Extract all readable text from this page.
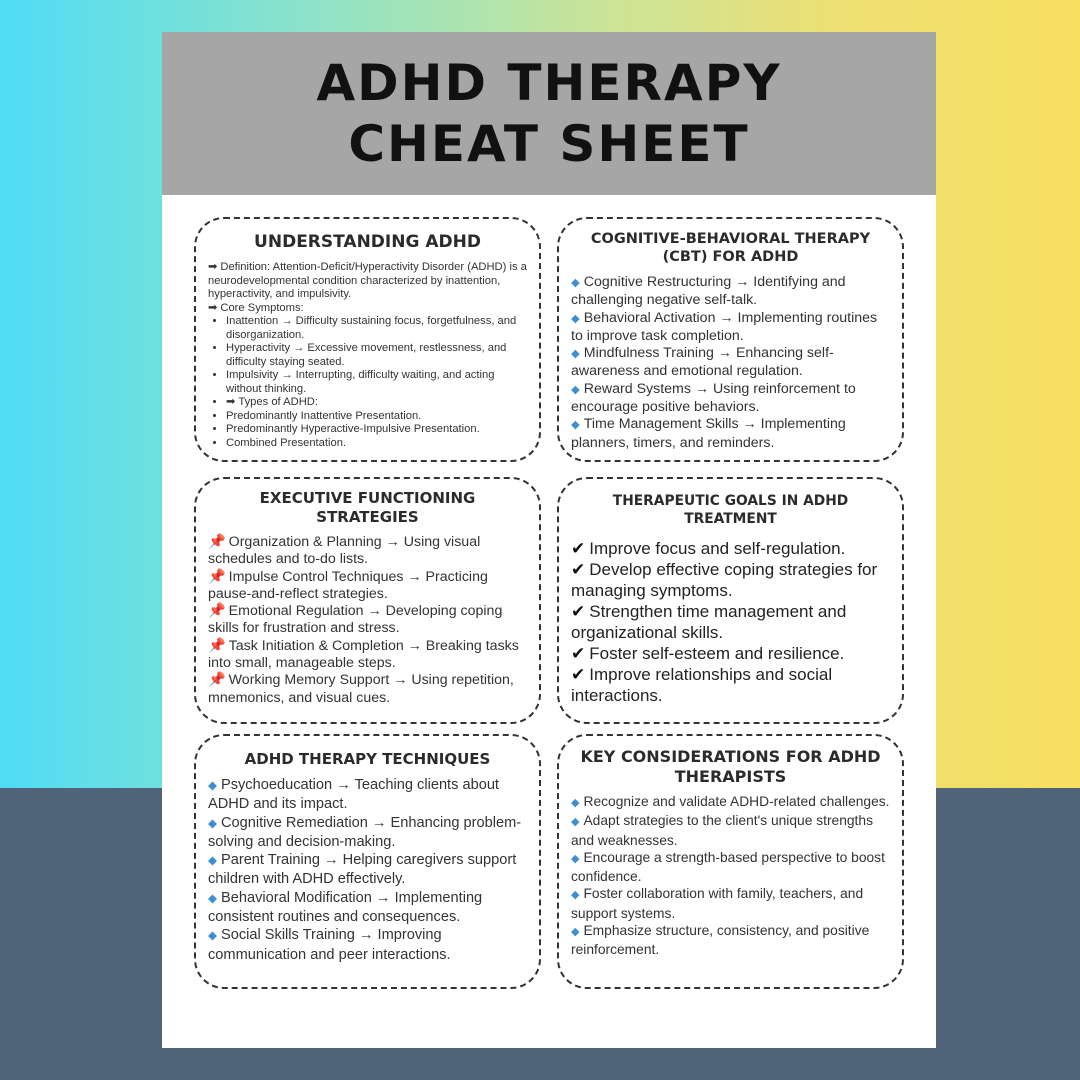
ADHD THERAPY
CHEAT SHEET
UNDERSTANDING ADHD
➡ Definition: Attention-Deficit/Hyperactivity Disorder (ADHD) is a neurodevelopmental condition characterized by inattention, hyperactivity, and impulsivity.
➡ Core Symptoms:
• Inattention → Difficulty sustaining focus, forgetfulness, and disorganization.
• Hyperactivity → Excessive movement, restlessness, and difficulty staying seated.
• Impulsivity → Interrupting, difficulty waiting, and acting without thinking.
• ➡ Types of ADHD:
• Predominantly Inattentive Presentation.
• Predominantly Hyperactive-Impulsive Presentation.
• Combined Presentation.
COGNITIVE-BEHAVIORAL THERAPY (CBT) FOR ADHD
◆ Cognitive Restructuring → Identifying and challenging negative self-talk.
◆ Behavioral Activation → Implementing routines to improve task completion.
◆ Mindfulness Training → Enhancing self-awareness and emotional regulation.
◆ Reward Systems → Using reinforcement to encourage positive behaviors.
◆ Time Management Skills → Implementing planners, timers, and reminders.
EXECUTIVE FUNCTIONING STRATEGIES
📌 Organization & Planning → Using visual schedules and to-do lists.
📌 Impulse Control Techniques → Practicing pause-and-reflect strategies.
📌 Emotional Regulation → Developing coping skills for frustration and stress.
📌 Task Initiation & Completion → Breaking tasks into small, manageable steps.
📌 Working Memory Support → Using repetition, mnemonics, and visual cues.
THERAPEUTIC GOALS IN ADHD TREATMENT
✔ Improve focus and self-regulation.
✔ Develop effective coping strategies for managing symptoms.
✔ Strengthen time management and organizational skills.
✔ Foster self-esteem and resilience.
✔ Improve relationships and social interactions.
ADHD THERAPY TECHNIQUES
◆ Psychoeducation → Teaching clients about ADHD and its impact.
◆ Cognitive Remediation → Enhancing problem-solving and decision-making.
◆ Parent Training → Helping caregivers support children with ADHD effectively.
◆ Behavioral Modification → Implementing consistent routines and consequences.
◆ Social Skills Training → Improving communication and peer interactions.
KEY CONSIDERATIONS FOR ADHD THERAPISTS
◆ Recognize and validate ADHD-related challenges.
◆ Adapt strategies to the client's unique strengths and weaknesses.
◆ Encourage a strength-based perspective to boost confidence.
◆ Foster collaboration with family, teachers, and support systems.
◆ Emphasize structure, consistency, and positive reinforcement.
